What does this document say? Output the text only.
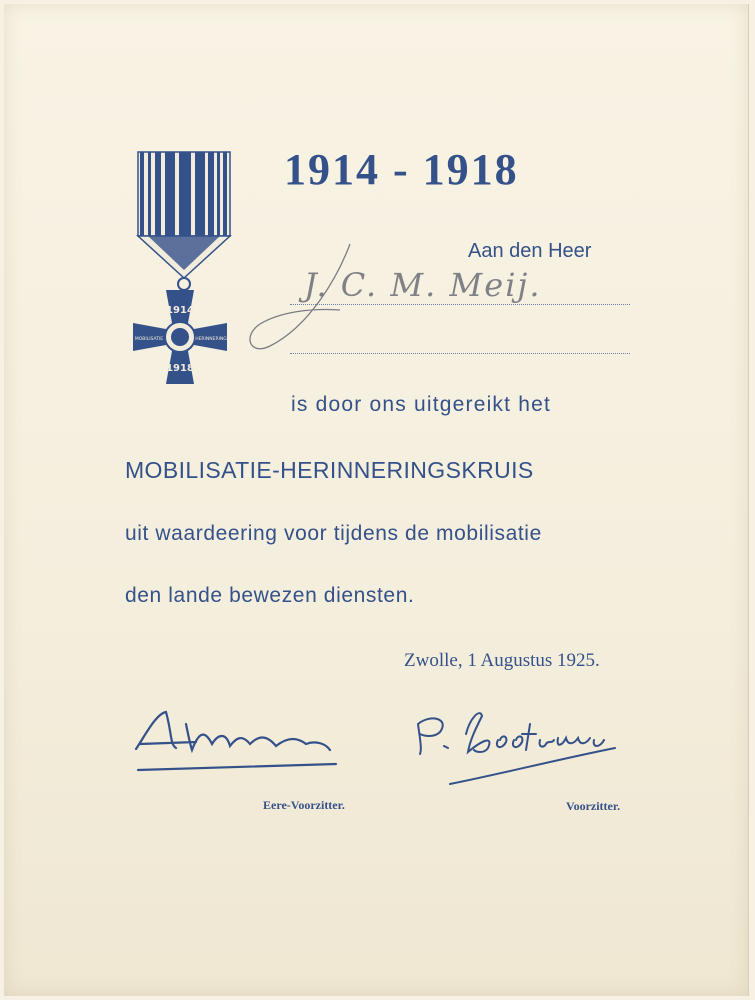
1914
1918
MOBILISATIE	HERINNERING
1914 - 1918
Aan den Heer
J. C. M. Meij.
is door ons uitgereikt het
MOBILISATIE-HERINNERINGSKRUIS
uit waardeering voor tijdens de mobilisatie
den lande bewezen diensten.
Zwolle, 1 Augustus 1925.
Eere-Voorzitter.	Voorzitter.
